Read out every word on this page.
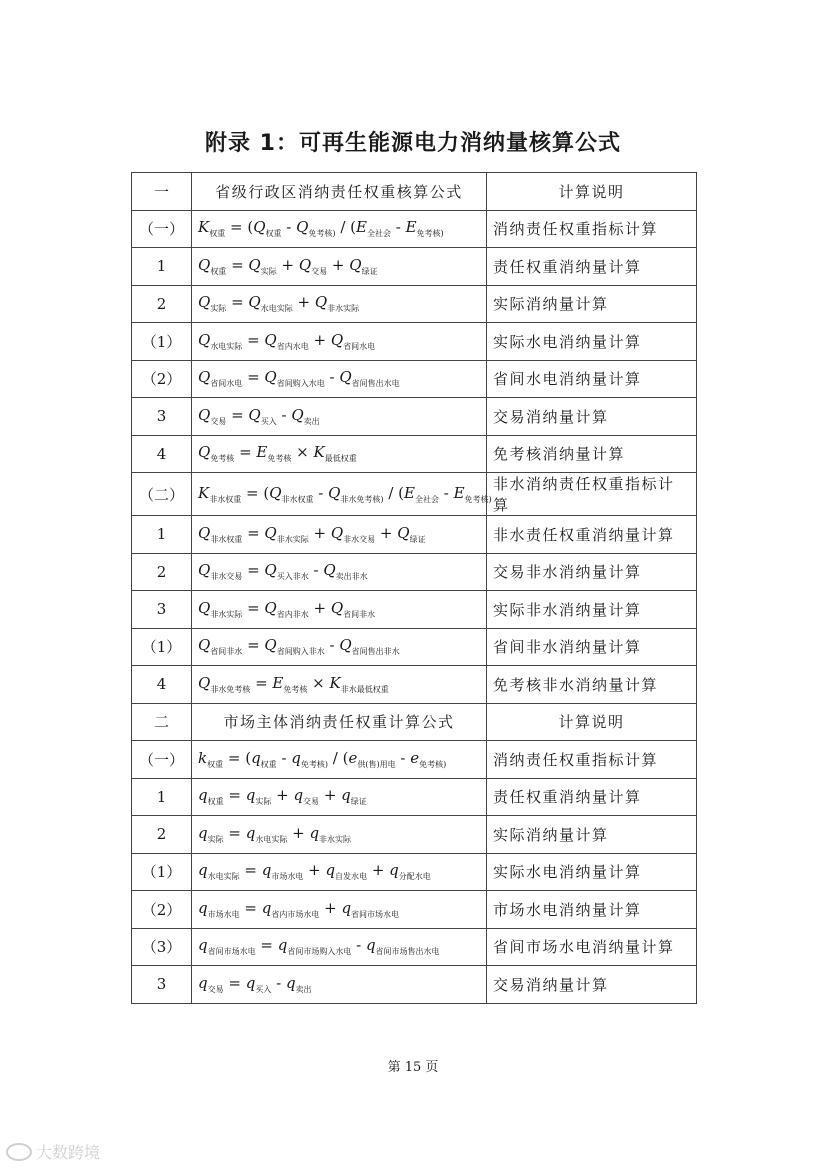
附录 1：可再生能源电力消纳量核算公式
一	省级行政区消纳责任权重核算公式	计算说明
（一）	$K_{权重} = (Q_{权重} - Q_{免考核)} / (E_{全社会} - E_{免考核)}$	消纳责任权重指标计算
1	$Q_{权重} = Q_{实际} + Q_{交易} + Q_{绿证}$	责任权重消纳量计算
2	$Q_{实际} = Q_{水电实际} + Q_{非水实际}$	实际消纳量计算
（1）	$Q_{水电实际} = Q_{省内水电} + Q_{省间水电}$	实际水电消纳量计算
（2）	$Q_{省间水电} = Q_{省间购入水电} - Q_{省间售出水电}$	省间水电消纳量计算
3	$Q_{交易} = Q_{买入} - Q_{卖出}$	交易消纳量计算
4	$Q_{免考核} = E_{免考核} \times K_{最低权重}$	免考核消纳量计算
（二）	$K_{非水权重} = (Q_{非水权重} - Q_{非水免考核)} / (E_{全社会} - E_{免考核)}$	非水消纳责任权重指标计算
1	$Q_{非水权重} = Q_{非水实际} + Q_{非水交易} + Q_{绿证}$	非水责任权重消纳量计算
2	$Q_{非水交易} = Q_{买入非水} - Q_{卖出非水}$	交易非水消纳量计算
3	$Q_{非水实际} = Q_{省内非水} + Q_{省间非水}$	实际非水消纳量计算
（1）	$Q_{省间非水} = Q_{省间购入非水} - Q_{省间售出非水}$	省间非水消纳量计算
4	$Q_{非水免考核} = E_{免考核} \times K_{非水最低权重}$	免考核非水消纳量计算
二	市场主体消纳责任权重计算公式	计算说明
（一）	$k_{权重} = (q_{权重} - q_{免考核)} / (e_{供(售)用电} - e_{免考核)}$	消纳责任权重指标计算
1	$q_{权重} = q_{实际} + q_{交易} + q_{绿证}$	责任权重消纳量计算
2	$q_{实际} = q_{水电实际} + q_{非水实际}$	实际消纳量计算
（1）	$q_{水电实际} = q_{市场水电} + q_{自发水电} + q_{分配水电}$	实际水电消纳量计算
（2）	$q_{市场水电} = q_{省内市场水电} + q_{省间市场水电}$	市场水电消纳量计算
（3）	$q_{省间市场水电} = q_{省间市场购入水电} - q_{省间市场售出水电}$	省间市场水电消纳量计算
3	$q_{交易} = q_{买入} - q_{卖出}$	交易消纳量计算
第 15 页
大数跨境
